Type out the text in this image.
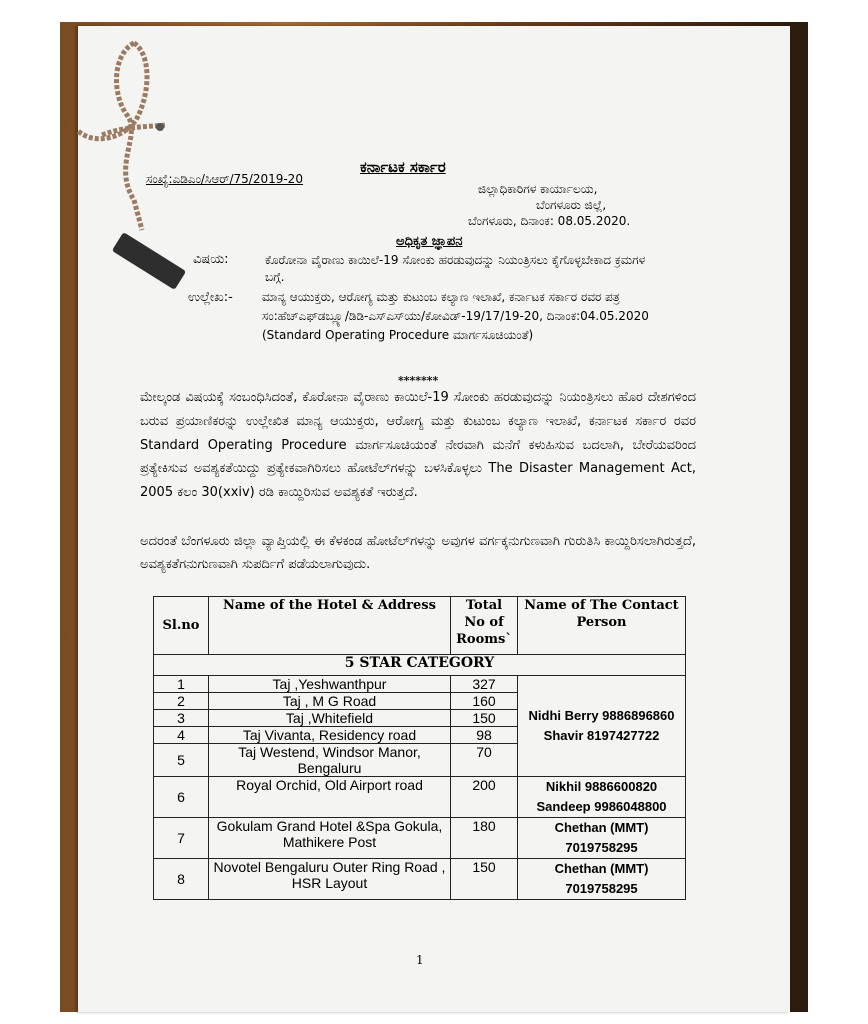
ಕರ್ನಾಟಕ ಸರ್ಕಾರ
ಸಂಖ್ಯೆ:ಎಡಿಎಂ/ಸಿಆರ್/75/2019-20
ಜಿಲ್ಲಾಧಿಕಾರಿಗಳ ಕಾರ್ಯಾಲಯ,
ಬೆಂಗಳೂರು ಜಿಲ್ಲೆ,
ಬೆಂಗಳೂರು, ದಿನಾಂಕ: 08.05.2020.
ಅಧಿಕೃತ ಜ್ಞಾಪನ
ವಿಷಯ:	ಕೊರೋನಾ ವೈರಾಣು ಕಾಯಿಲೆ-19 ಸೋಂಕು ಹರಡುವುದನ್ನು ನಿಯಂತ್ರಿಸಲು ಕೈಗೊಳ್ಳಬೇಕಾದ ಕ್ರಮಗಳ ಬಗ್ಗೆ.
ಉಲ್ಲೇಖ:- ಮಾನ್ಯ ಆಯುಕ್ತರು, ಆರೋಗ್ಯ ಮತ್ತು ಕುಟುಂಬ ಕಲ್ಯಾಣ ಇಲಾಖೆ, ಕರ್ನಾಟಕ ಸರ್ಕಾರ ರವರ ಪತ್ರ ಸಂ:ಹೆಚ್‌ಎಫ್‌ಡಬ್ಲ್ಯೂ/ಡಿಡಿ-ಎಸ್‌ಎಸ್‌ಯು/ಕೋವಿಡ್-19/17/19-20, ದಿನಾಂಕ:04.05.2020 (Standard Operating Procedure ಮಾರ್ಗಸೂಚಿಯಂತೆ)
*******
ಮೇಲ್ಕಂಡ ವಿಷಯಕ್ಕೆ ಸಂಬಂಧಿಸಿದಂತೆ, ಕೊರೋನಾ ವೈರಾಣು ಕಾಯಿಲೆ-19 ಸೋಂಕು ಹರಡುವುದನ್ನು ನಿಯಂತ್ರಿಸಲು ಹೊರ ದೇಶಗಳಿಂದ ಬರುವ ಪ್ರಯಾಣಿಕರನ್ನು ಉಲ್ಲೇಖಿತ ಮಾನ್ಯ ಆಯುಕ್ತರು, ಆರೋಗ್ಯ ಮತ್ತು ಕುಟುಂಬ ಕಲ್ಯಾಣ ಇಲಾಖೆ, ಕರ್ನಾಟಕ ಸರ್ಕಾರ ರವರ Standard Operating Procedure ಮಾರ್ಗಸೂಚಿಯಂತೆ ನೇರವಾಗಿ ಮನೆಗೆ ಕಳುಹಿಸುವ ಬದಲಾಗಿ, ಬೇರೆಯವರಿಂದ ಪ್ರತ್ಯೇಕಿಸುವ ಅವಶ್ಯಕತೆಯಿದ್ದು ಪ್ರತ್ಯೇಕವಾಗಿರಿಸಲು ಹೋಟೆಲ್‌ಗಳನ್ನು ಬಳಸಿಕೊಳ್ಳಲು The Disaster Management Act, 2005 ಕಲಂ 30(xxiv) ರಡಿ ಕಾಯ್ದಿರಿಸುವ ಅವಶ್ಯಕತೆ ಇರುತ್ತದೆ.
ಅದರಂತೆ ಬೆಂಗಳೂರು ಜಿಲ್ಲಾ ವ್ಯಾಪ್ತಿಯಲ್ಲಿ ಈ ಕೆಳಕಂಡ ಹೋಟೆಲ್‌ಗಳನ್ನು ಅವುಗಳ ವರ್ಗಕ್ಕನುಗುಣವಾಗಿ ಗುರುತಿಸಿ ಕಾಯ್ದಿರಿಸಲಾಗಿರುತ್ತದೆ, ಅವಶ್ಯಕತೆಗನುಗುಣವಾಗಿ ಸುಪರ್ದಿಗೆ ಪಡೆಯಲಾಗುವುದು.
Sl.no	Name of the Hotel & Address	Total No of Rooms`	Name of The Contact Person
5 STAR CATEGORY			
1	Taj ,Yeshwanthpur	327	Nidhi Berry 9886896860 Shavir 8197427722
2	Taj , M G Road	160	
3	Taj ,Whitefield	150	
4	Taj Vivanta, Residency road	98	
5	Taj Westend, Windsor Manor, Bengaluru	70	
6	Royal Orchid, Old Airport road	200	Nikhil 9886600820 Sandeep 9986048800
7	Gokulam Grand Hotel &Spa Gokula, Mathikere Post	180	Chethan (MMT) 7019758295
8	Novotel Bengaluru Outer Ring Road , HSR Layout	150	Chethan (MMT) 7019758295
1
